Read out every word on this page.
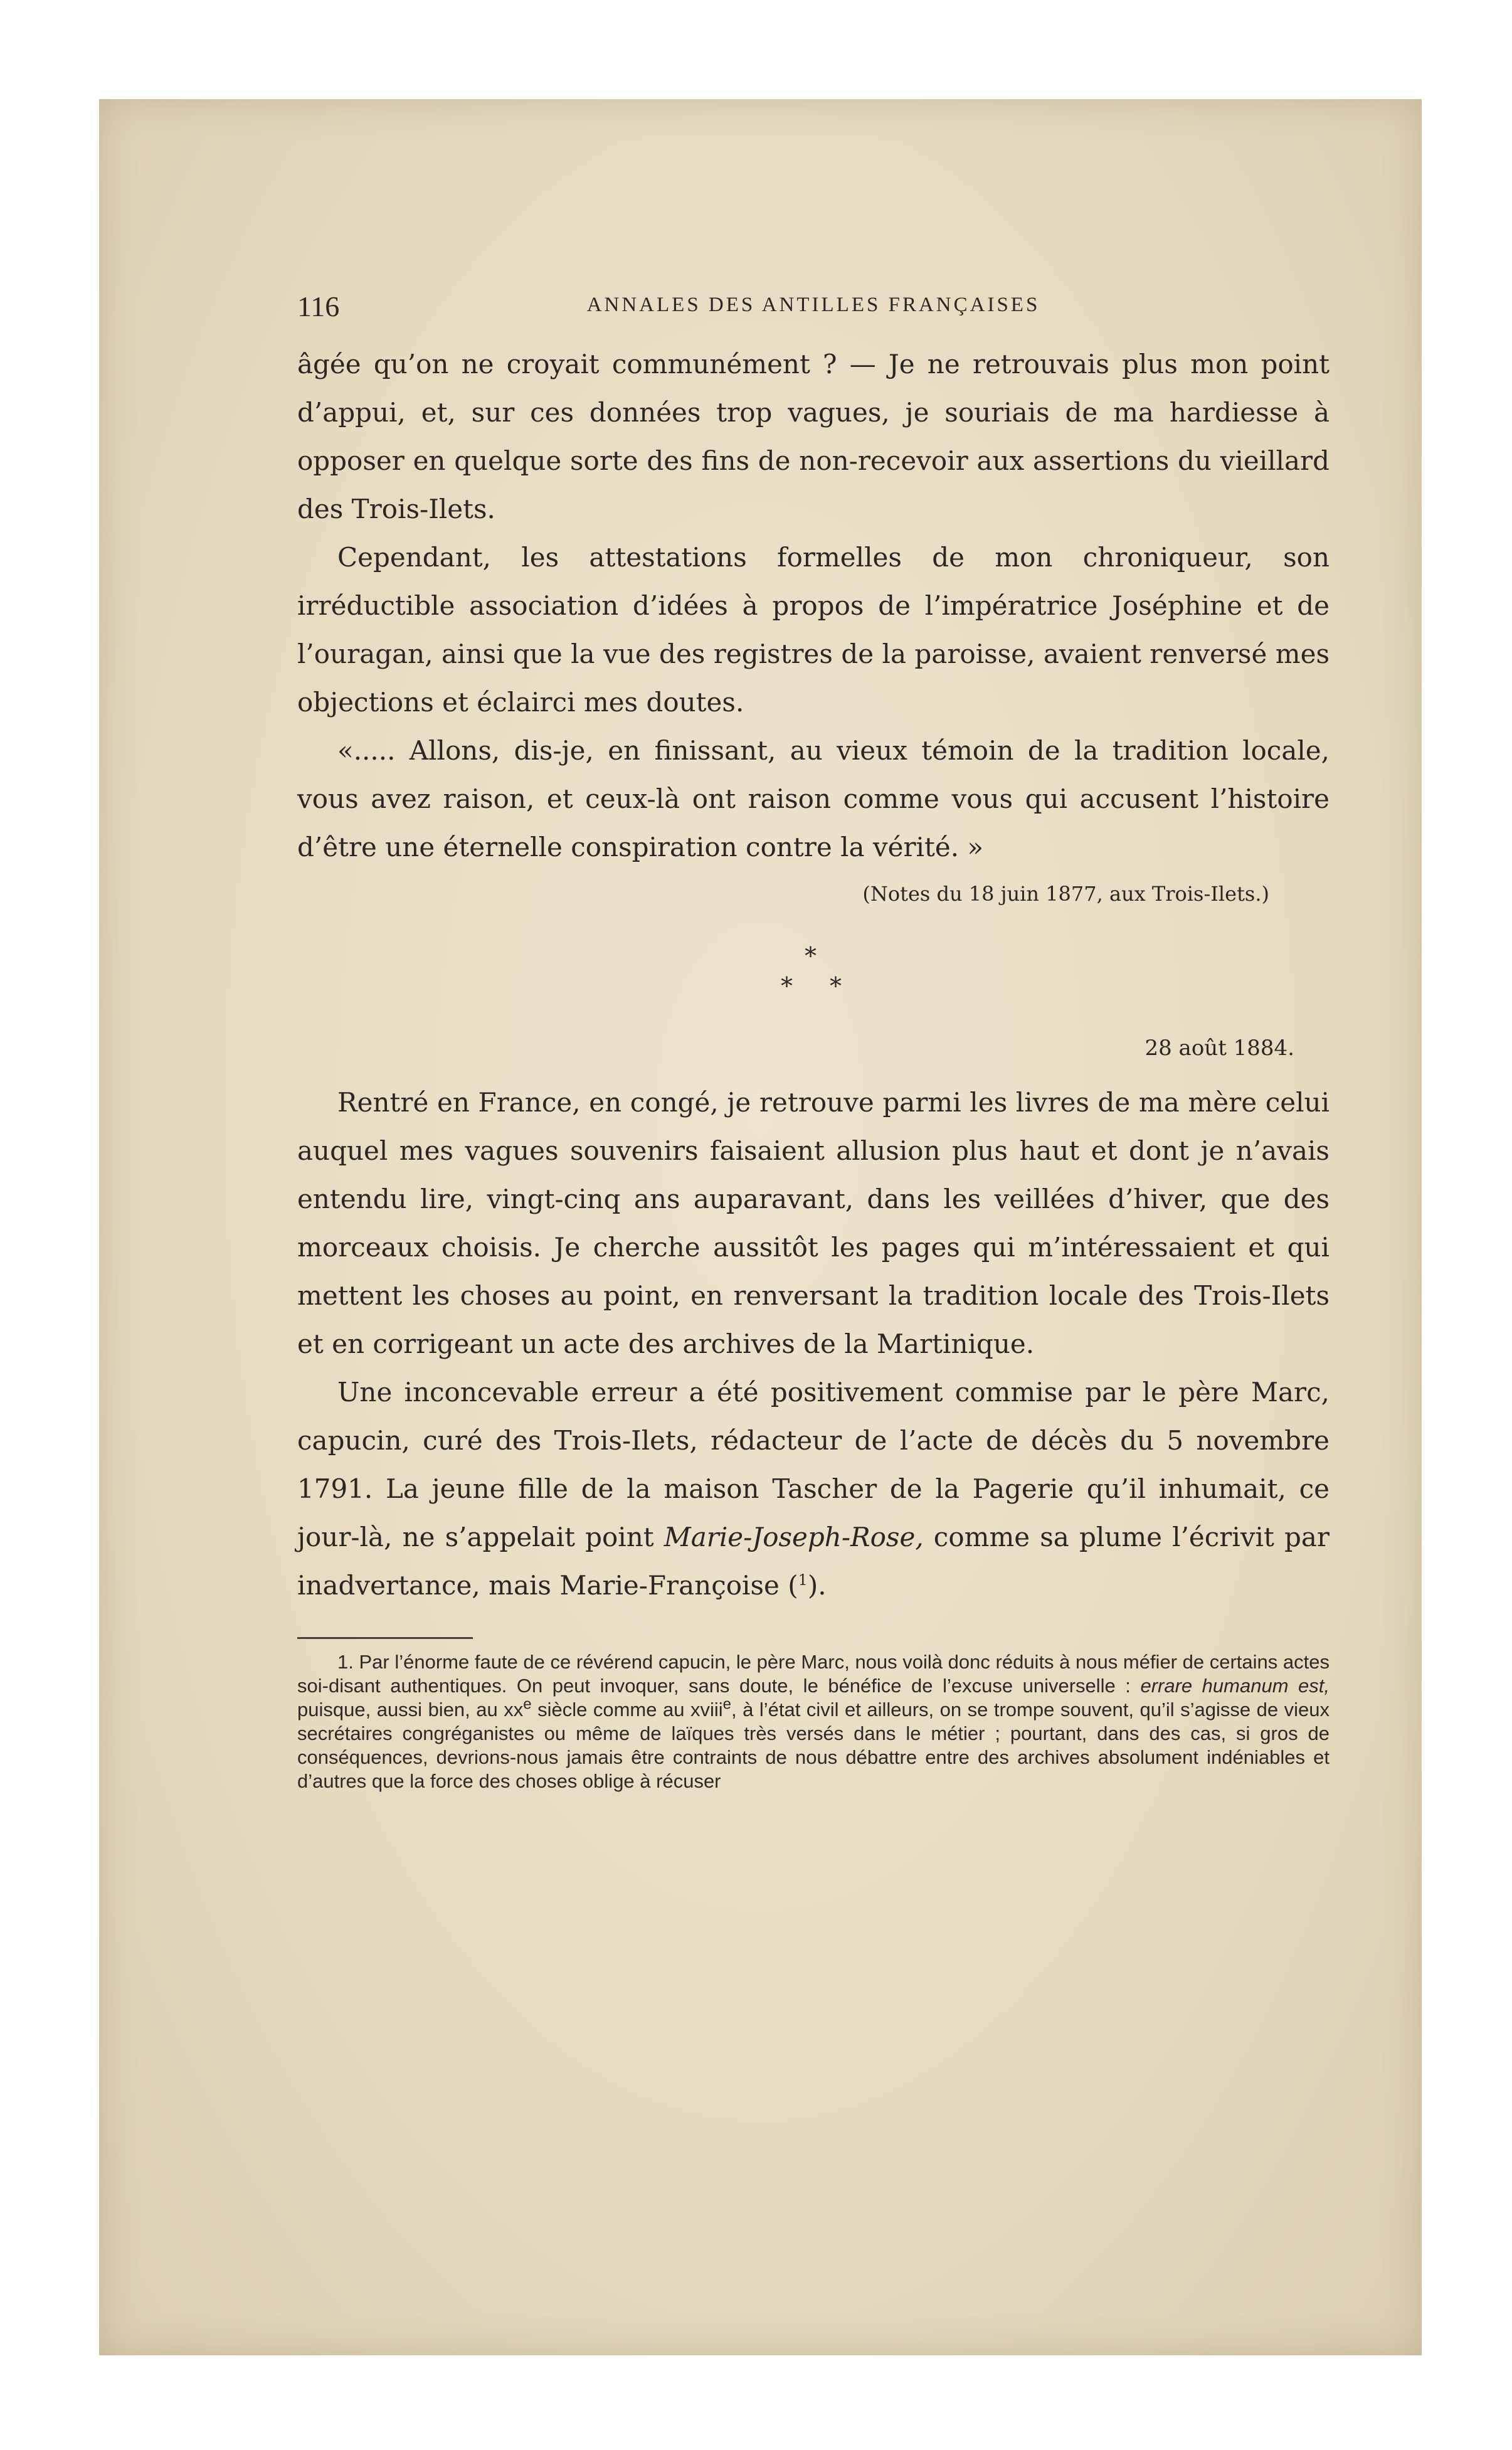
116	ANNALES DES ANTILLES FRANÇAISES

âgée qu’on ne croyait communément ? — Je ne retrouvais plus mon point d’appui, et, sur ces données trop vagues, je souriais de ma hardiesse à opposer en quelque sorte des fins de non-recevoir aux assertions du vieillard des Trois-Ilets.

Cependant, les attestations formelles de mon chroniqueur, son irréductible association d’idées à propos de l’impératrice Joséphine et de l’ouragan, ainsi que la vue des registres de la paroisse, avaient renversé mes objections et éclairci mes doutes.

«..... Allons, dis-je, en finissant, au vieux témoin de la tradition locale, vous avez raison, et ceux-là ont raison comme vous qui accusent l’histoire d’être une éternelle conspiration contre la vérité. »

(Notes du 18 juin 1877, aux Trois-Ilets.)

*
* *

28 août 1884.

Rentré en France, en congé, je retrouve parmi les livres de ma mère celui auquel mes vagues souvenirs faisaient allusion plus haut et dont je n’avais entendu lire, vingt-cinq ans auparavant, dans les veillées d’hiver, que des morceaux choisis. Je cherche aussitôt les pages qui m’intéressaient et qui mettent les choses au point, en renversant la tradition locale des Trois-Ilets et en corrigeant un acte des archives de la Martinique.

Une inconcevable erreur a été positivement commise par le père Marc, capucin, curé des Trois-Ilets, rédacteur de l’acte de décès du 5 novembre 1791. La jeune fille de la maison Tascher de la Pagerie qu’il inhumait, ce jour-là, ne s’appelait point Marie-Joseph-Rose, comme sa plume l’écrivit par inadvertance, mais Marie-Françoise ($^1$).

1. Par l’énorme faute de ce révérend capucin, le père Marc, nous voilà donc réduits à nous méfier de certains actes soi-disant authentiques. On peut invoquer, sans doute, le bénéfice de l’excuse universelle : errare humanum est, puisque, aussi bien, au $xx^e$ siècle comme au xviii$^e$, à l’état civil et ailleurs, on se trompe souvent, qu’il s’agisse de vieux secrétaires congréganistes ou même de laïques très versés dans le métier ; pourtant, dans des cas, si gros de conséquences, devrions-nous jamais être contraints de nous débattre entre des archives absolument indéniables et d’autres que la force des choses oblige à récuser
